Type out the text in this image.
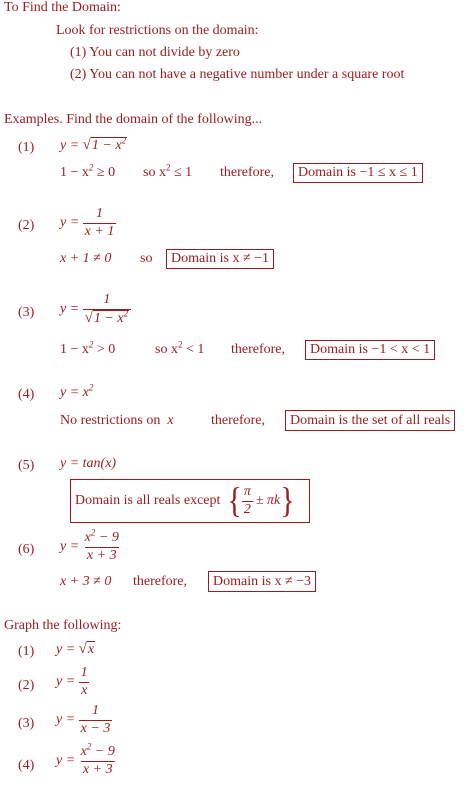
To Find the Domain:
Look for restrictions on the domain:
(1) You can not divide by zero
(2) You can not have a negative number under a square root
Examples. Find the domain of the following...
(1) $y = √1 - x^2$
$1 - x^2 \ge 0$ so $x^2 \le 1$ therefore,	Domain is −1 ≤ x ≤ 1
(2) $y = \frac{1}{x + 1}$
x + 1 ≠ 0 so	Domain is x ≠ −1
(3) $y = \frac{1}{√1 - x^2}$
$1 - x^2 > 0$	so $x^2 < 1$ therefore,	Domain is −1 < x < 1
(4) $y = x^2$
No restrictions on x	therefore,	Domain is the set of all reals
(5) y = tan(x)
Domain is all reals except
{ $\frac{\pi}{2} \pm \pi k$ }
(6) $y = \frac{x^2 - 9}{x + 3}$
x + 3 ≠ 0 therefore,	Domain is x ≠ −3
Graph the following:
(1) y = √x
(2) $y = \frac{1}{x}$
(3) $y = \frac{1}{x - 3}$
(4) $y = \frac{x^2 - 9}{x + 3}$
